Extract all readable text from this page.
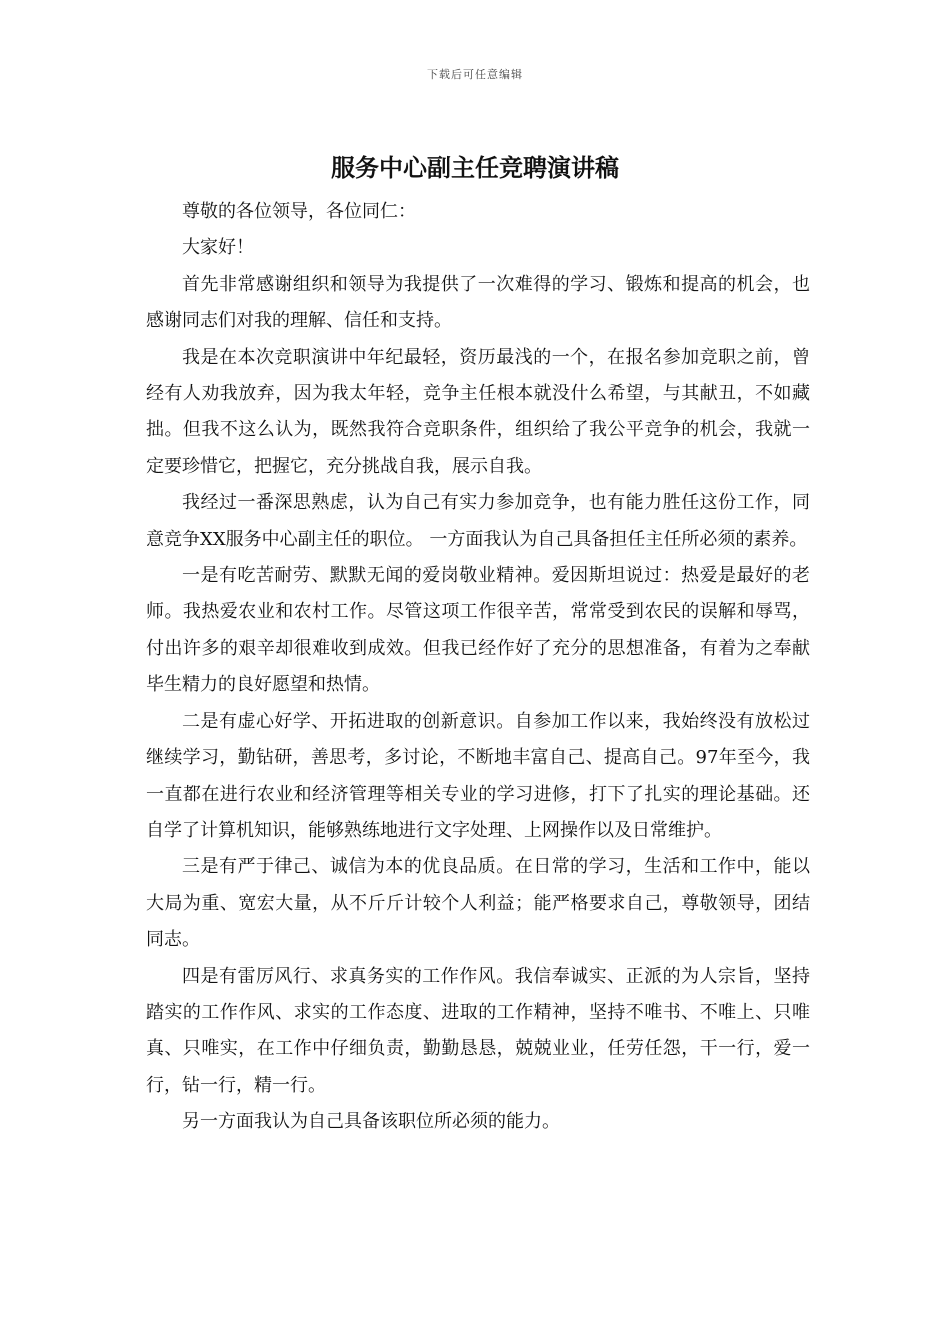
下载后可任意编辑
服务中心副主任竞聘演讲稿

尊敬的各位领导，各位同仁：

大家好！

首先非常感谢组织和领导为我提供了一次难得的学习、锻炼和提高的机会，也感谢同志们对我的理解、信任和支持。

我是在本次竞职演讲中年纪最轻，资历最浅的一个，在报名参加竞职之前，曾经有人劝我放弃，因为我太年轻，竞争主任根本就没什么希望，与其献丑，不如藏拙。但我不这么认为，既然我符合竞职条件，组织给了我公平竞争的机会，我就一定要珍惜它，把握它，充分挑战自我，展示自我。

我经过一番深思熟虑，认为自己有实力参加竞争，也有能力胜任这份工作，同意竞争XX服务中心副主任的职位。 一方面我认为自己具备担任主任所必须的素养。

一是有吃苦耐劳、默默无闻的爱岗敬业精神。爱因斯坦说过：热爱是最好的老师。我热爱农业和农村工作。尽管这项工作很辛苦，常常受到农民的误解和辱骂，付出许多的艰辛却很难收到成效。但我已经作好了充分的思想准备，有着为之奉献毕生精力的良好愿望和热情。

二是有虚心好学、开拓进取的创新意识。自参加工作以来，我始终没有放松过继续学习，勤钻研，善思考，多讨论，不断地丰富自己、提高自己。97年至今，我一直都在进行农业和经济管理等相关专业的学习进修，打下了扎实的理论基础。还自学了计算机知识，能够熟练地进行文字处理、上网操作以及日常维护。

三是有严于律己、诚信为本的优良品质。在日常的学习，生活和工作中，能以大局为重、宽宏大量，从不斤斤计较个人利益；能严格要求自己，尊敬领导，团结同志。

四是有雷厉风行、求真务实的工作作风。我信奉诚实、正派的为人宗旨，坚持踏实的工作作风、求实的工作态度、进取的工作精神，坚持不唯书、不唯上、只唯真、只唯实，在工作中仔细负责，勤勤恳恳，兢兢业业，任劳任怨，干一行，爱一行，钻一行，精一行。

另一方面我认为自己具备该职位所必须的能力。
